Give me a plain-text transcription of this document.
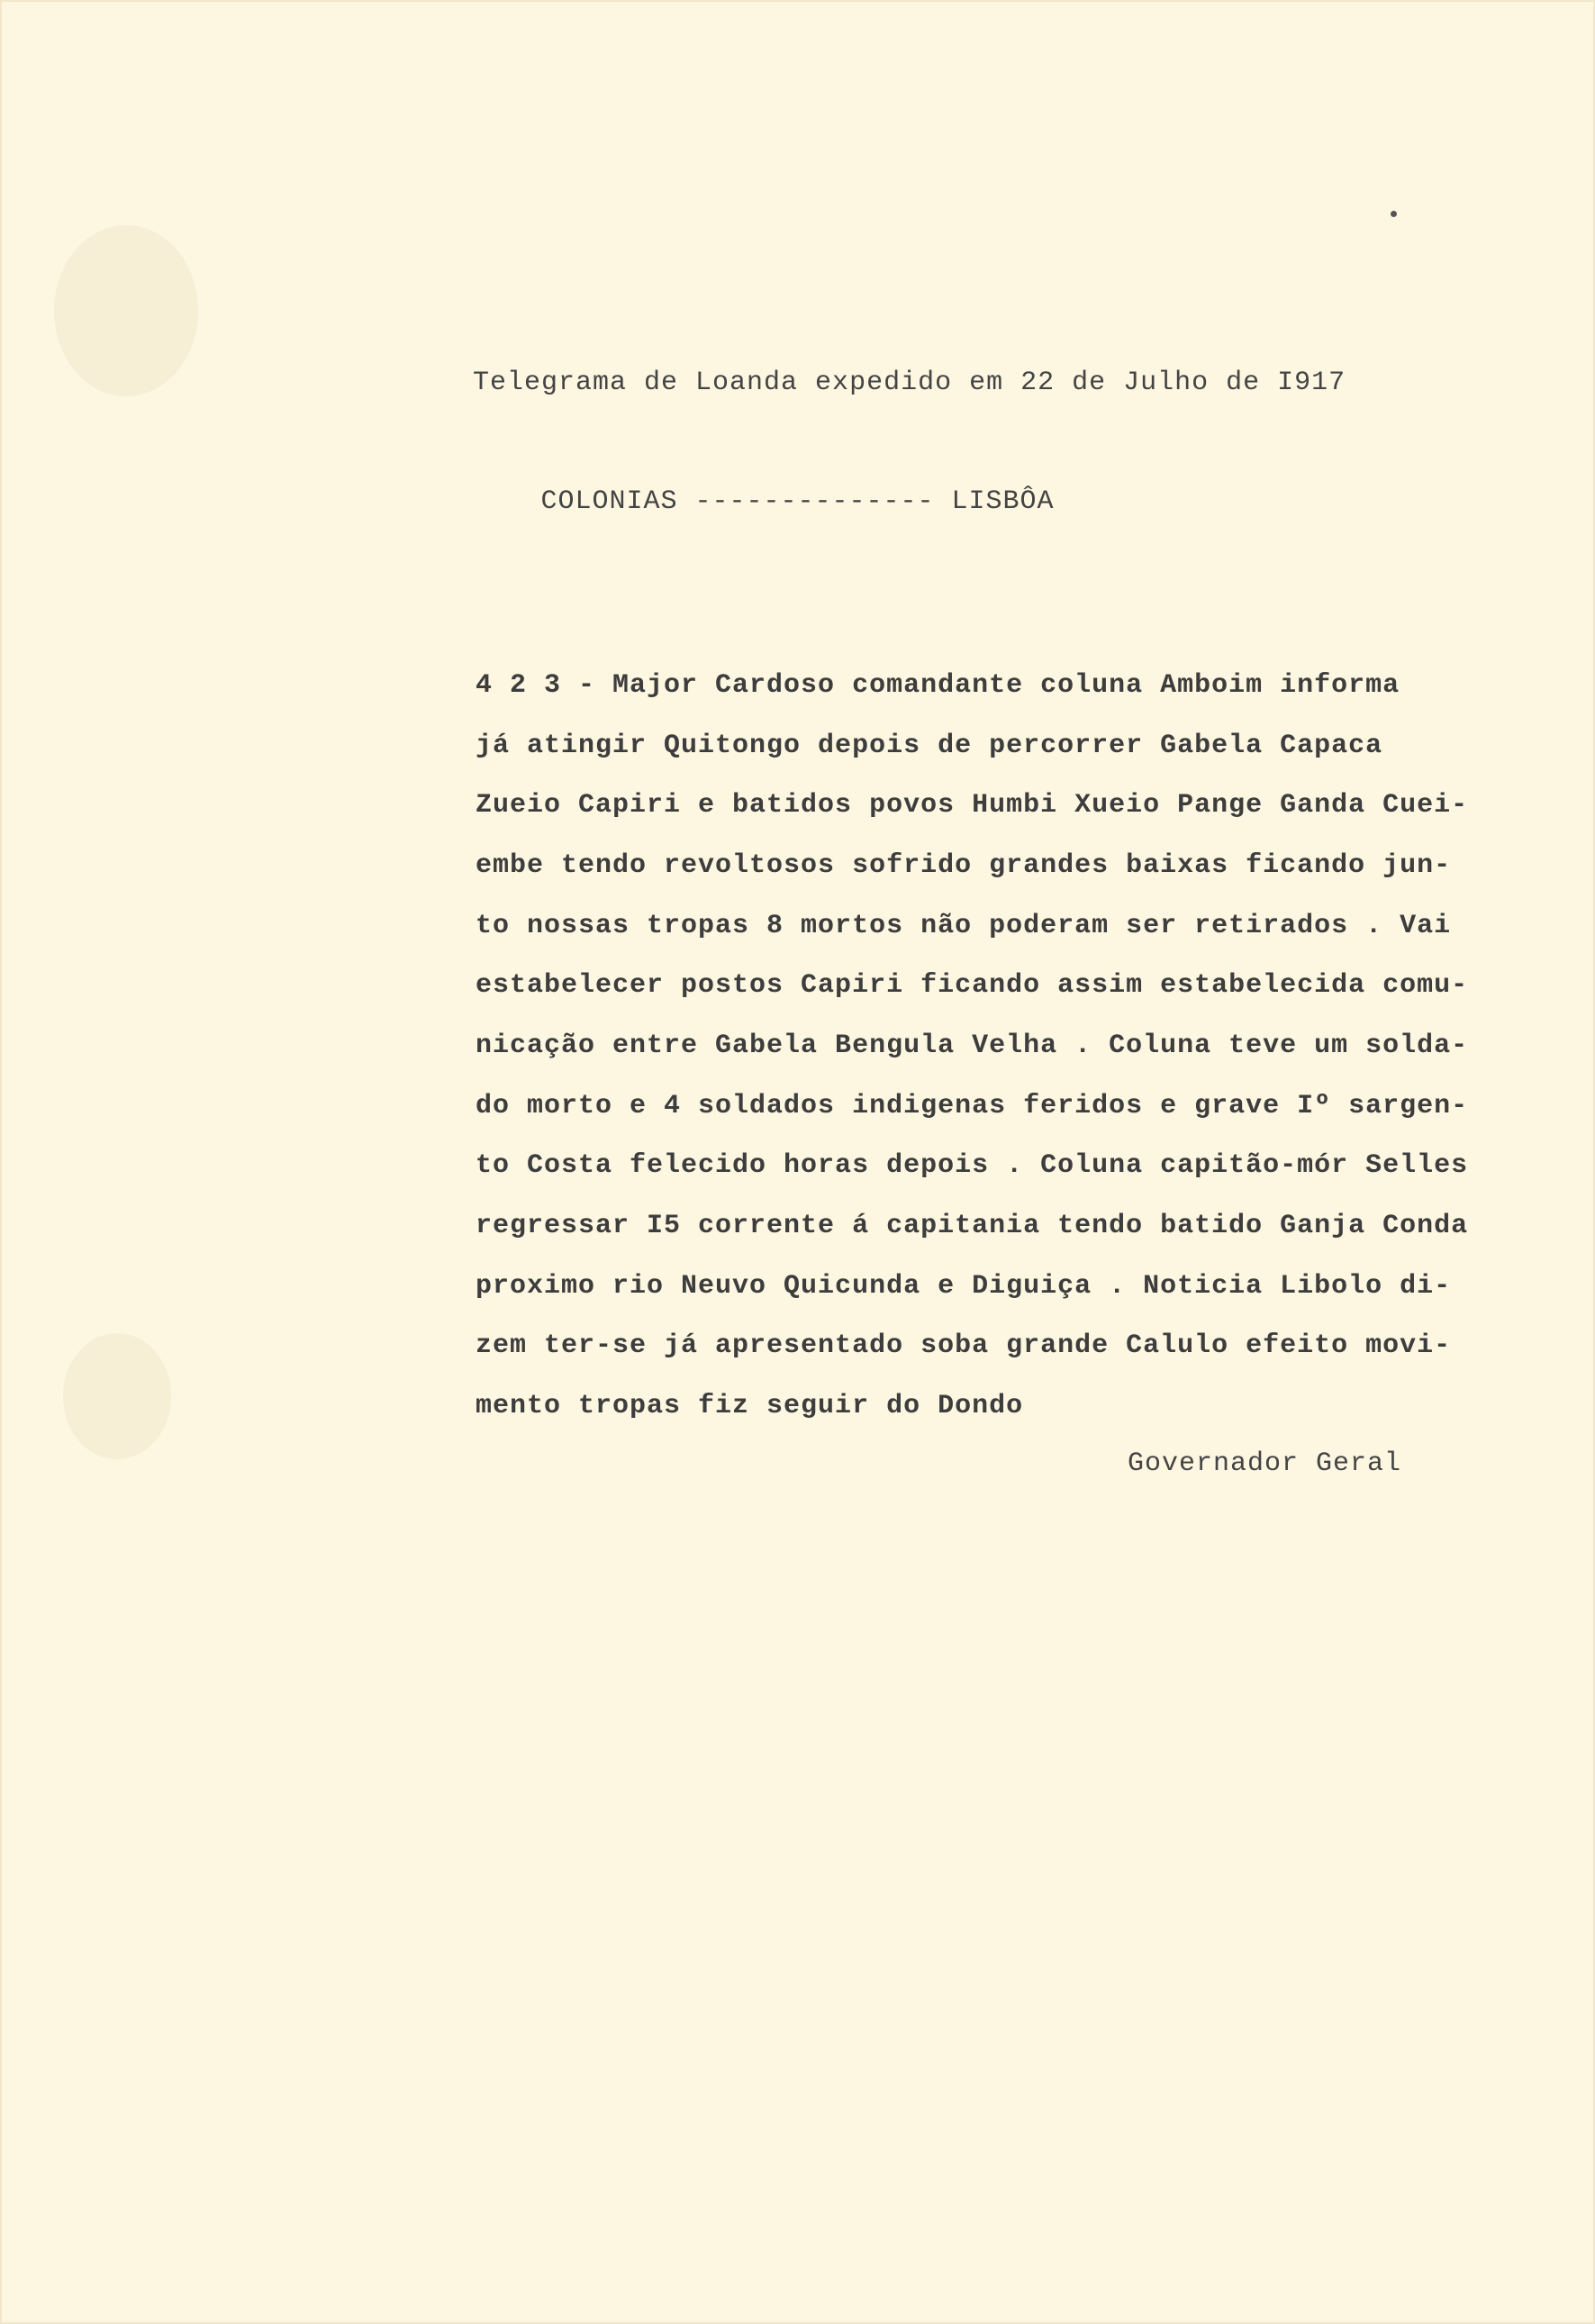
Telegrama de Loanda expedido em 22 de Julho de I917
COLONIAS -------------- LISBÔA
4 2 3 - Major Cardoso comandante coluna Amboim informa
já atingir Quitongo depois de percorrer Gabela Capaca
Zueio Capiri e batidos povos Humbi Xueio Pange Ganda Cuei-
embe tendo revoltosos sofrido grandes baixas ficando jun-
to nossas tropas 8 mortos não poderam ser retirados . Vai
estabelecer postos Capiri ficando assim estabelecida comu-
nicação entre Gabela Bengula Velha . Coluna teve um solda-
do morto e 4 soldados indigenas feridos e grave Iº sargen-
to Costa felecido horas depois . Coluna capitão-mór Selles
regressar I5 corrente á capitania tendo batido Ganja Conda
proximo rio Neuvo Quicunda e Diguiça . Noticia Libolo di-
zem ter-se já apresentado soba grande Calulo efeito movi-
mento tropas fiz seguir do Dondo
Governador Geral
